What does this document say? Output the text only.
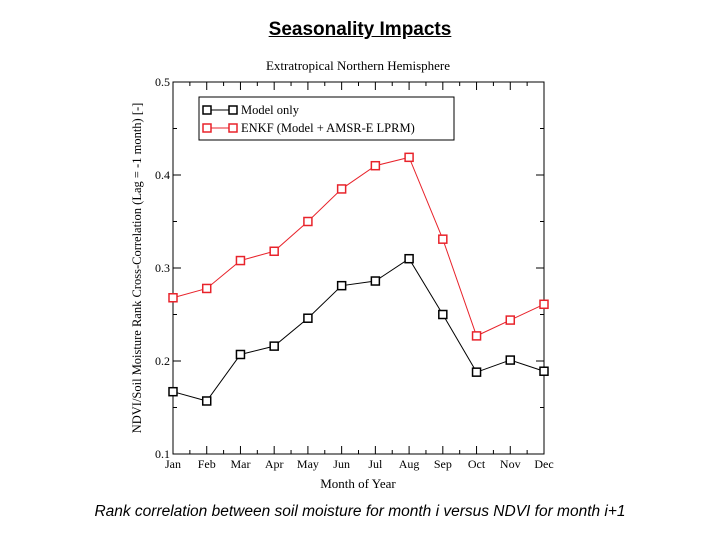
Seasonality Impacts
Extratropical Northern Hemisphere
0.1
0.2
0.3
0.4
0.5
Jan Feb Mar Apr May Jun Jul Aug Sep Oct Nov Dec
Model only
ENKF (Model + AMSR-E LPRM)
Month of Year
NDVI/Soil Moisture Rank Cross-Correlation (Lag = -1 month) [-]
Rank correlation between soil moisture for month i versus NDVI for month i+1
